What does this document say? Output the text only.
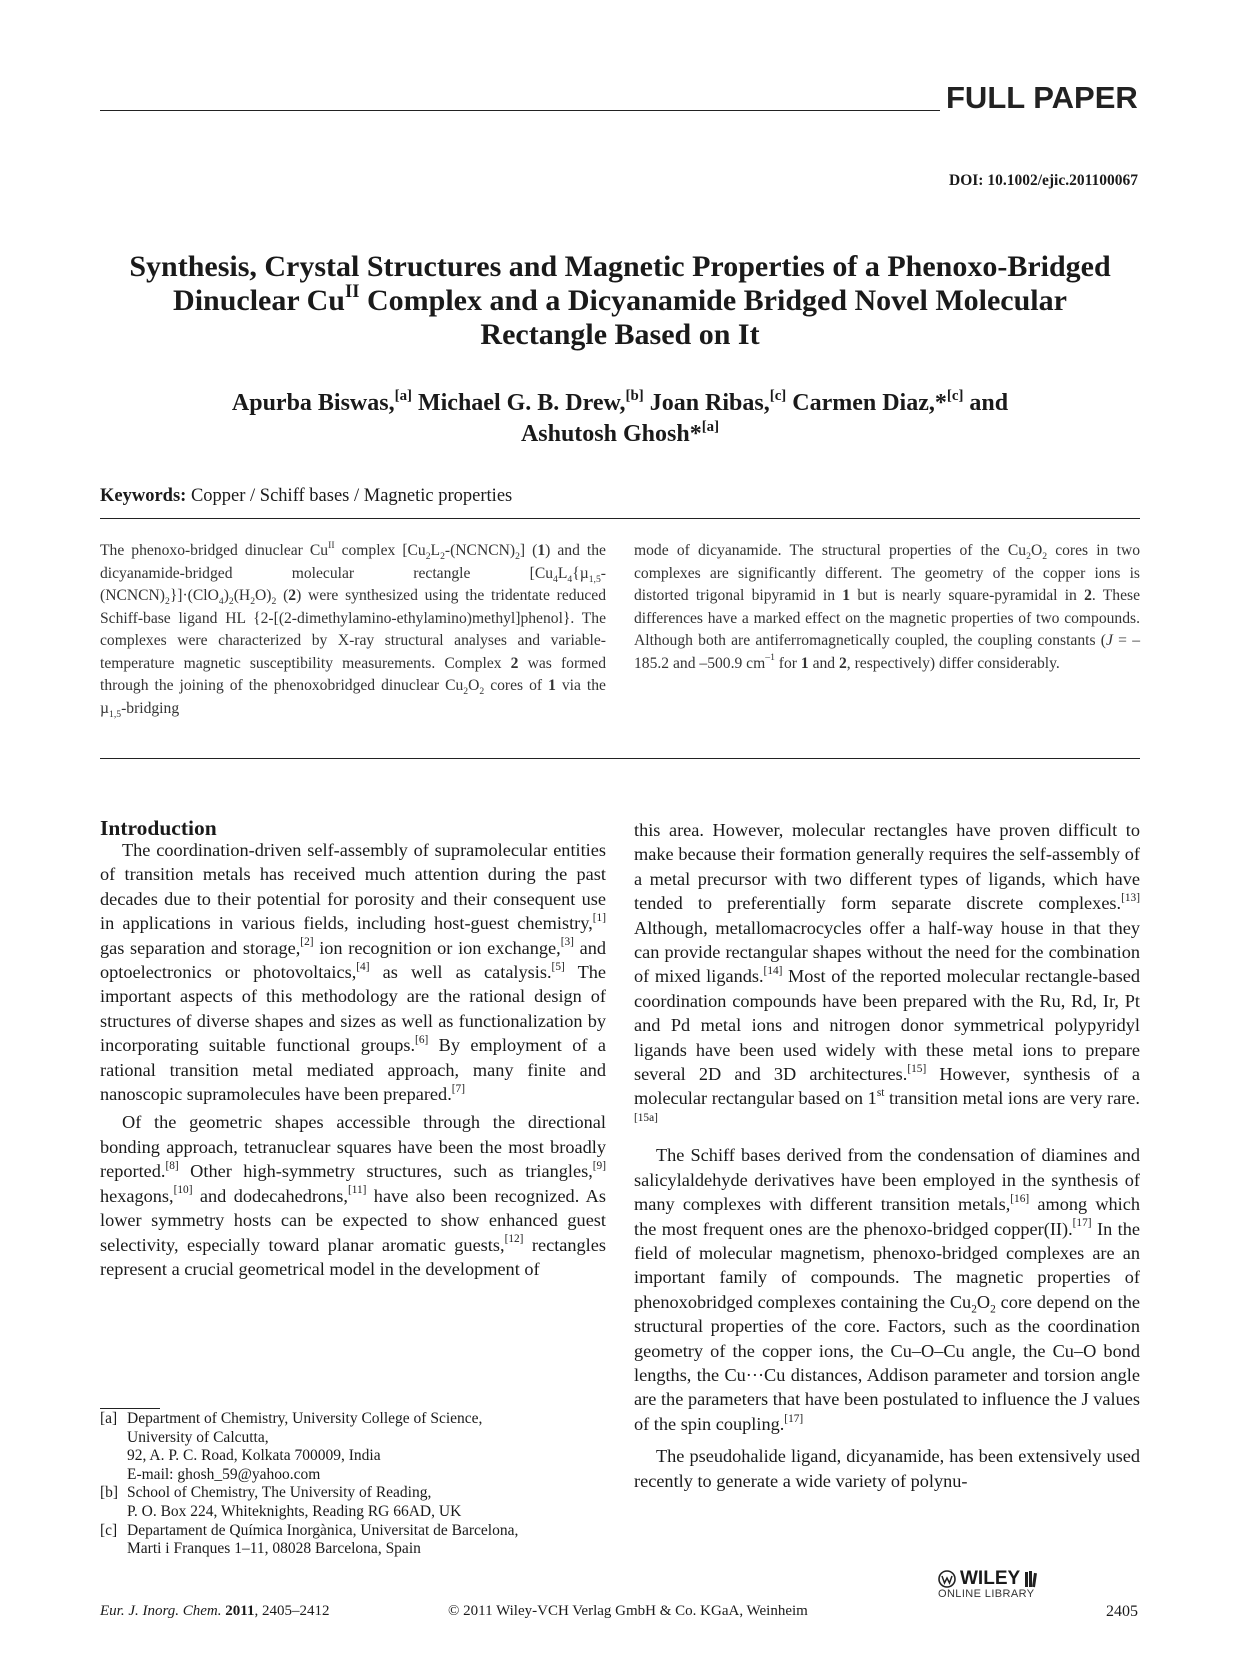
FULL PAPER
DOI: 10.1002/ejic.201100067
Synthesis, Crystal Structures and Magnetic Properties of a Phenoxo-Bridged
Dinuclear $Cu^{II}$ Complex and a Dicyanamide Bridged Novel Molecular
Rectangle Based on It
Apurba Biswas,[a] Michael G. B. Drew,[b] Joan Ribas,[c] Carmen Diaz,*[c] and
Ashutosh Ghosh*[a]
Keywords: Copper / Schiff bases / Magnetic properties
The phenoxo-bridged dinuclear $Cu^{II}$ complex $[Cu_2L_2-(NCNCN)_2]$ (1) and the dicyanamide-bridged molecular rectangle $[Cu_4L_4\{\mu_{1,5}-(NCNCN)_2\}]\cdot(ClO_4)_2(H_2O)_2$ (2) were synthesized using the tridentate reduced Schiff-base ligand HL {2-[(2-dimethylamino-ethylamino)methyl]phenol}. The complexes were characterized by X-ray structural analyses and variable-temperature magnetic susceptibility measurements. Complex 2 was formed through the joining of the phenoxobridged dinuclear $Cu_2O_2$ cores of 1 via the µ$_{1,5}$-bridging
mode of dicyanamide. The structural properties of the $Cu_2O_2$ cores in two complexes are significantly different. The geometry of the copper ions is distorted trigonal bipyramid in 1 but is nearly square-pyramidal in 2. These differences have a marked effect on the magnetic properties of two compounds. Although both are antiferromagnetically coupled, the coupling constants (J = –185.2 and –500.9 $cm^{-1}$ for 1 and 2, respectively) differ considerably.
Introduction

The coordination-driven self-assembly of supramolecular entities of transition metals has received much attention during the past decades due to their potential for porosity and their consequent use in applications in various fields, including host-guest chemistry,[1] gas separation and storage,[2] ion recognition or ion exchange,[3] and optoelectronics or photovoltaics,[4] as well as catalysis.[5] The important aspects of this methodology are the rational design of structures of diverse shapes and sizes as well as functionalization by incorporating suitable functional groups.[6] By employment of a rational transition metal mediated approach, many finite and nanoscopic supramolecules have been prepared.[7]

Of the geometric shapes accessible through the directional bonding approach, tetranuclear squares have been the most broadly reported.[8] Other high-symmetry structures, such as triangles,[9] hexagons,[10] and dodecahedrons,[11] have also been recognized. As lower symmetry hosts can be expected to show enhanced guest selectivity, especially toward planar aromatic guests,[12] rectangles represent a crucial geometrical model in the development of

this area. However, molecular rectangles have proven difficult to make because their formation generally requires the self-assembly of a metal precursor with two different types of ligands, which have tended to preferentially form separate discrete complexes.[13] Although, metallomacrocycles offer a half-way house in that they can provide rectangular shapes without the need for the combination of mixed ligands.[14] Most of the reported molecular rectangle-based coordination compounds have been prepared with the Ru, Rd, Ir, Pt and Pd metal ions and nitrogen donor symmetrical polypyridyl ligands have been used widely with these metal ions to prepare several 2D and 3D architectures.[15] However, synthesis of a molecular rectangular based on 1st transition metal ions are very rare.[15a]

The Schiff bases derived from the condensation of diamines and salicylaldehyde derivatives have been employed in the synthesis of many complexes with different transition metals,[16] among which the most frequent ones are the phenoxo-bridged copper(II).[17] In the field of molecular magnetism, phenoxo-bridged complexes are an important family of compounds. The magnetic properties of phenoxobridged complexes containing the $Cu_2O_2$ core depend on the structural properties of the core. Factors, such as the coordination geometry of the copper ions, the Cu–O–Cu angle, the Cu–O bond lengths, the Cu···Cu distances, Addison parameter and torsion angle are the parameters that have been postulated to influence the J values of the spin coupling.[17]

The pseudohalide ligand, dicyanamide, has been extensively used recently to generate a wide variety of polynu-

[a] Department of Chemistry, University College of Science,
University of Calcutta,
92, A. P. C. Road, Kolkata 700009, India
E-mail: ghosh_59@yahoo.com
[b] School of Chemistry, The University of Reading,
P. O. Box 224, Whiteknights, Reading RG 66AD, UK
[c] Departament de Química Inorgànica, Universitat de Barcelona,
Marti i Franques 1–11, 08028 Barcelona, Spain
Eur. J. Inorg. Chem. 2011, 2405–2412	© 2011 Wiley-VCH Verlag GmbH & Co. KGaA, Weinheim
WILEY
ONLINE LIBRARY
2405
